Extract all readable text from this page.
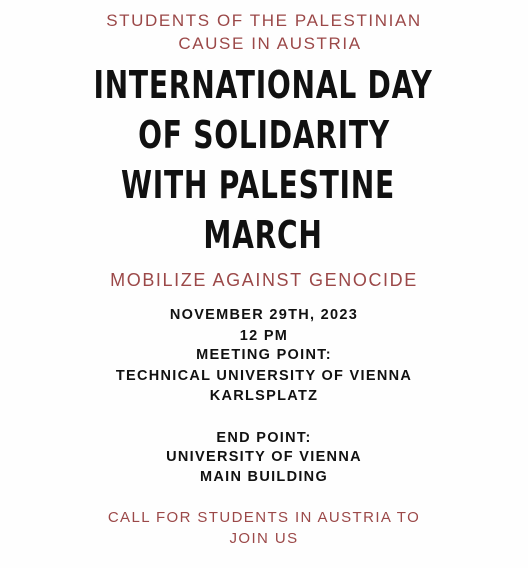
STUDENTS OF THE PALESTINIAN
CAUSE IN AUSTRIA
INTERNATIONAL DAY
OF SOLIDARITY
WITH PALESTINE
MARCH
MOBILIZE AGAINST GENOCIDE
NOVEMBER 29TH, 2023
12 PM
MEETING POINT:
TECHNICAL UNIVERSITY OF VIENNA
KARLSPLATZ
END POINT:
UNIVERSITY OF VIENNA
MAIN BUILDING
CALL FOR STUDENTS IN AUSTRIA TO
JOIN US
